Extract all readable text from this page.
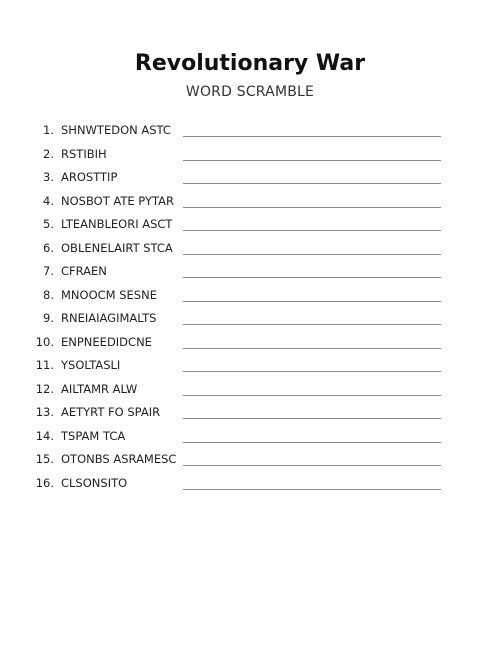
Revolutionary War
WORD SCRAMBLE
1. SHNWTEDON ASTC
2. RSTIBIH
3. AROSTTIP
4. NOSBOT ATE PYTAR
5. LTEANBLEORI ASCT
6. OBLENELAIRT STCA
7. CFRAEN
8. MNOOCM SESNE
9. RNEIAIAGIMALTS
10. ENPNEEDIDCNE
11. YSOLTASLI
12. AILTAMR ALW
13. AETYRT FO SPAIR
14. TSPAM TCA
15. OTONBS ASRAMESC
16. CLSONSITO
